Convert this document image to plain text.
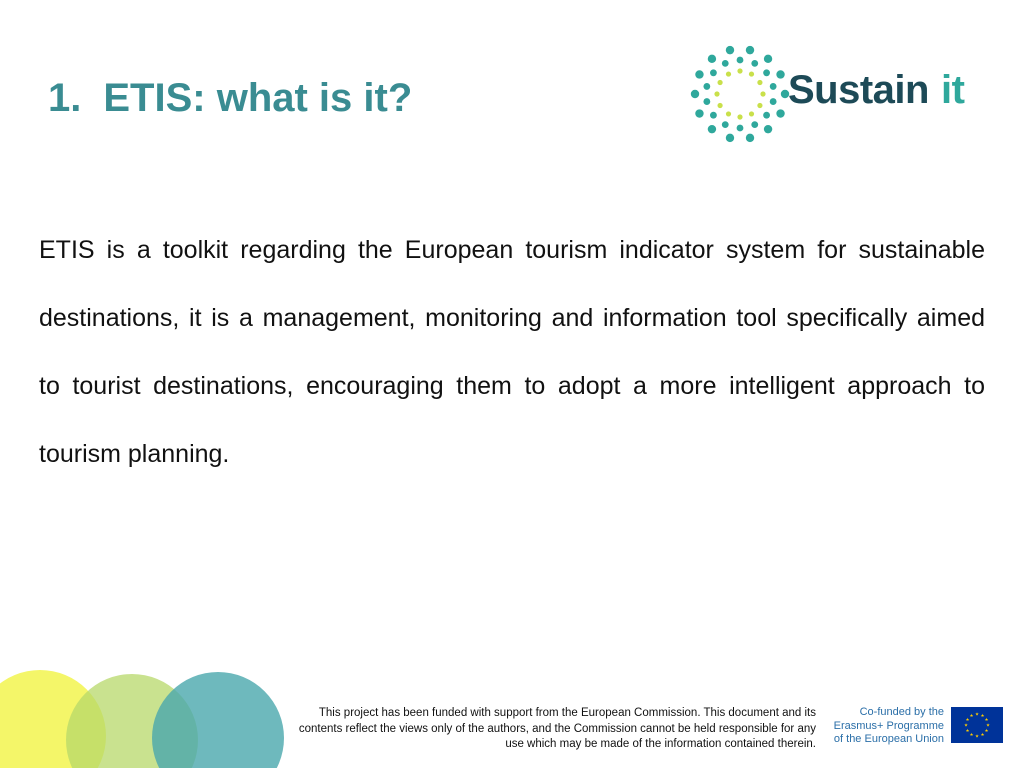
1. ETIS: what is it?	Sustain it

ETIS is a toolkit regarding the European tourism indicator system for sustainable destinations, it is a management, monitoring and information tool specifically aimed to tourist destinations, encouraging them to adopt a more intelligent approach to tourism planning.

This project has been funded with support from the European Commission. This document and its contents reflect the views only of the authors, and the Commission cannot be held responsible for any use which may be made of the information contained therein.

Co-funded by the
Erasmus+ Programme
of the European Union
★
★
★
★
★
★
★
★
★ ★ ★
★
